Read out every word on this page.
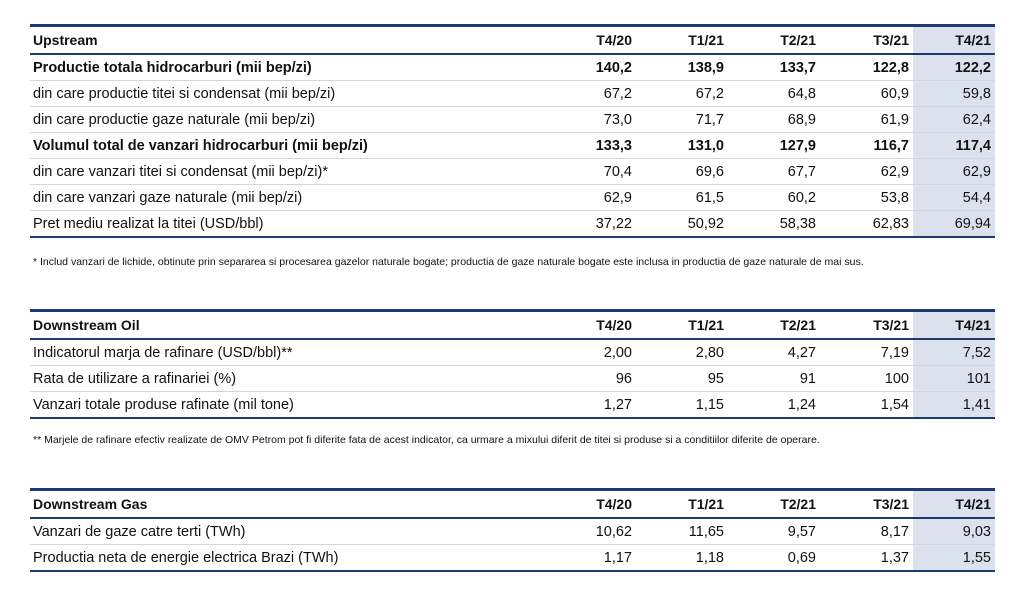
Upstream	T4/20	T1/21	T2/21	T3/21	T4/21
Productie totala hidrocarburi (mii bep/zi)	140,2	138,9	133,7	122,8	122,2
din care productie titei si condensat (mii bep/zi)	67,2	67,2	64,8	60,9	59,8
din care productie gaze naturale (mii bep/zi)	73,0	71,7	68,9	61,9	62,4
Volumul total de vanzari hidrocarburi (mii bep/zi)	133,3	131,0	127,9	116,7	117,4
din care vanzari titei si condensat (mii bep/zi)*	70,4	69,6	67,7	62,9	62,9
din care vanzari gaze naturale (mii bep/zi)	62,9	61,5	60,2	53,8	54,4
Pret mediu realizat la titei (USD/bbl)	37,22	50,92	58,38	62,83	69,94
* Includ vanzari de lichide, obtinute prin separarea si procesarea gazelor naturale bogate; productia de gaze naturale bogate este inclusa in productia de gaze naturale de mai sus.
Downstream Oil	T4/20	T1/21	T2/21	T3/21	T4/21
Indicatorul marja de rafinare (USD/bbl)**	2,00	2,80	4,27	7,19	7,52
Rata de utilizare a rafinariei (%)	96	95	91	100	101
Vanzari totale produse rafinate (mil tone)	1,27	1,15	1,24	1,54	1,41
** Marjele de rafinare efectiv realizate de OMV Petrom pot fi diferite fata de acest indicator, ca urmare a mixului diferit de titei si produse si a conditiilor diferite de operare.
Downstream Gas	T4/20	T1/21	T2/21	T3/21	T4/21
Vanzari de gaze catre terti (TWh)	10,62	11,65	9,57	8,17	9,03
Productia neta de energie electrica Brazi (TWh)	1,17	1,18	0,69	1,37	1,55
